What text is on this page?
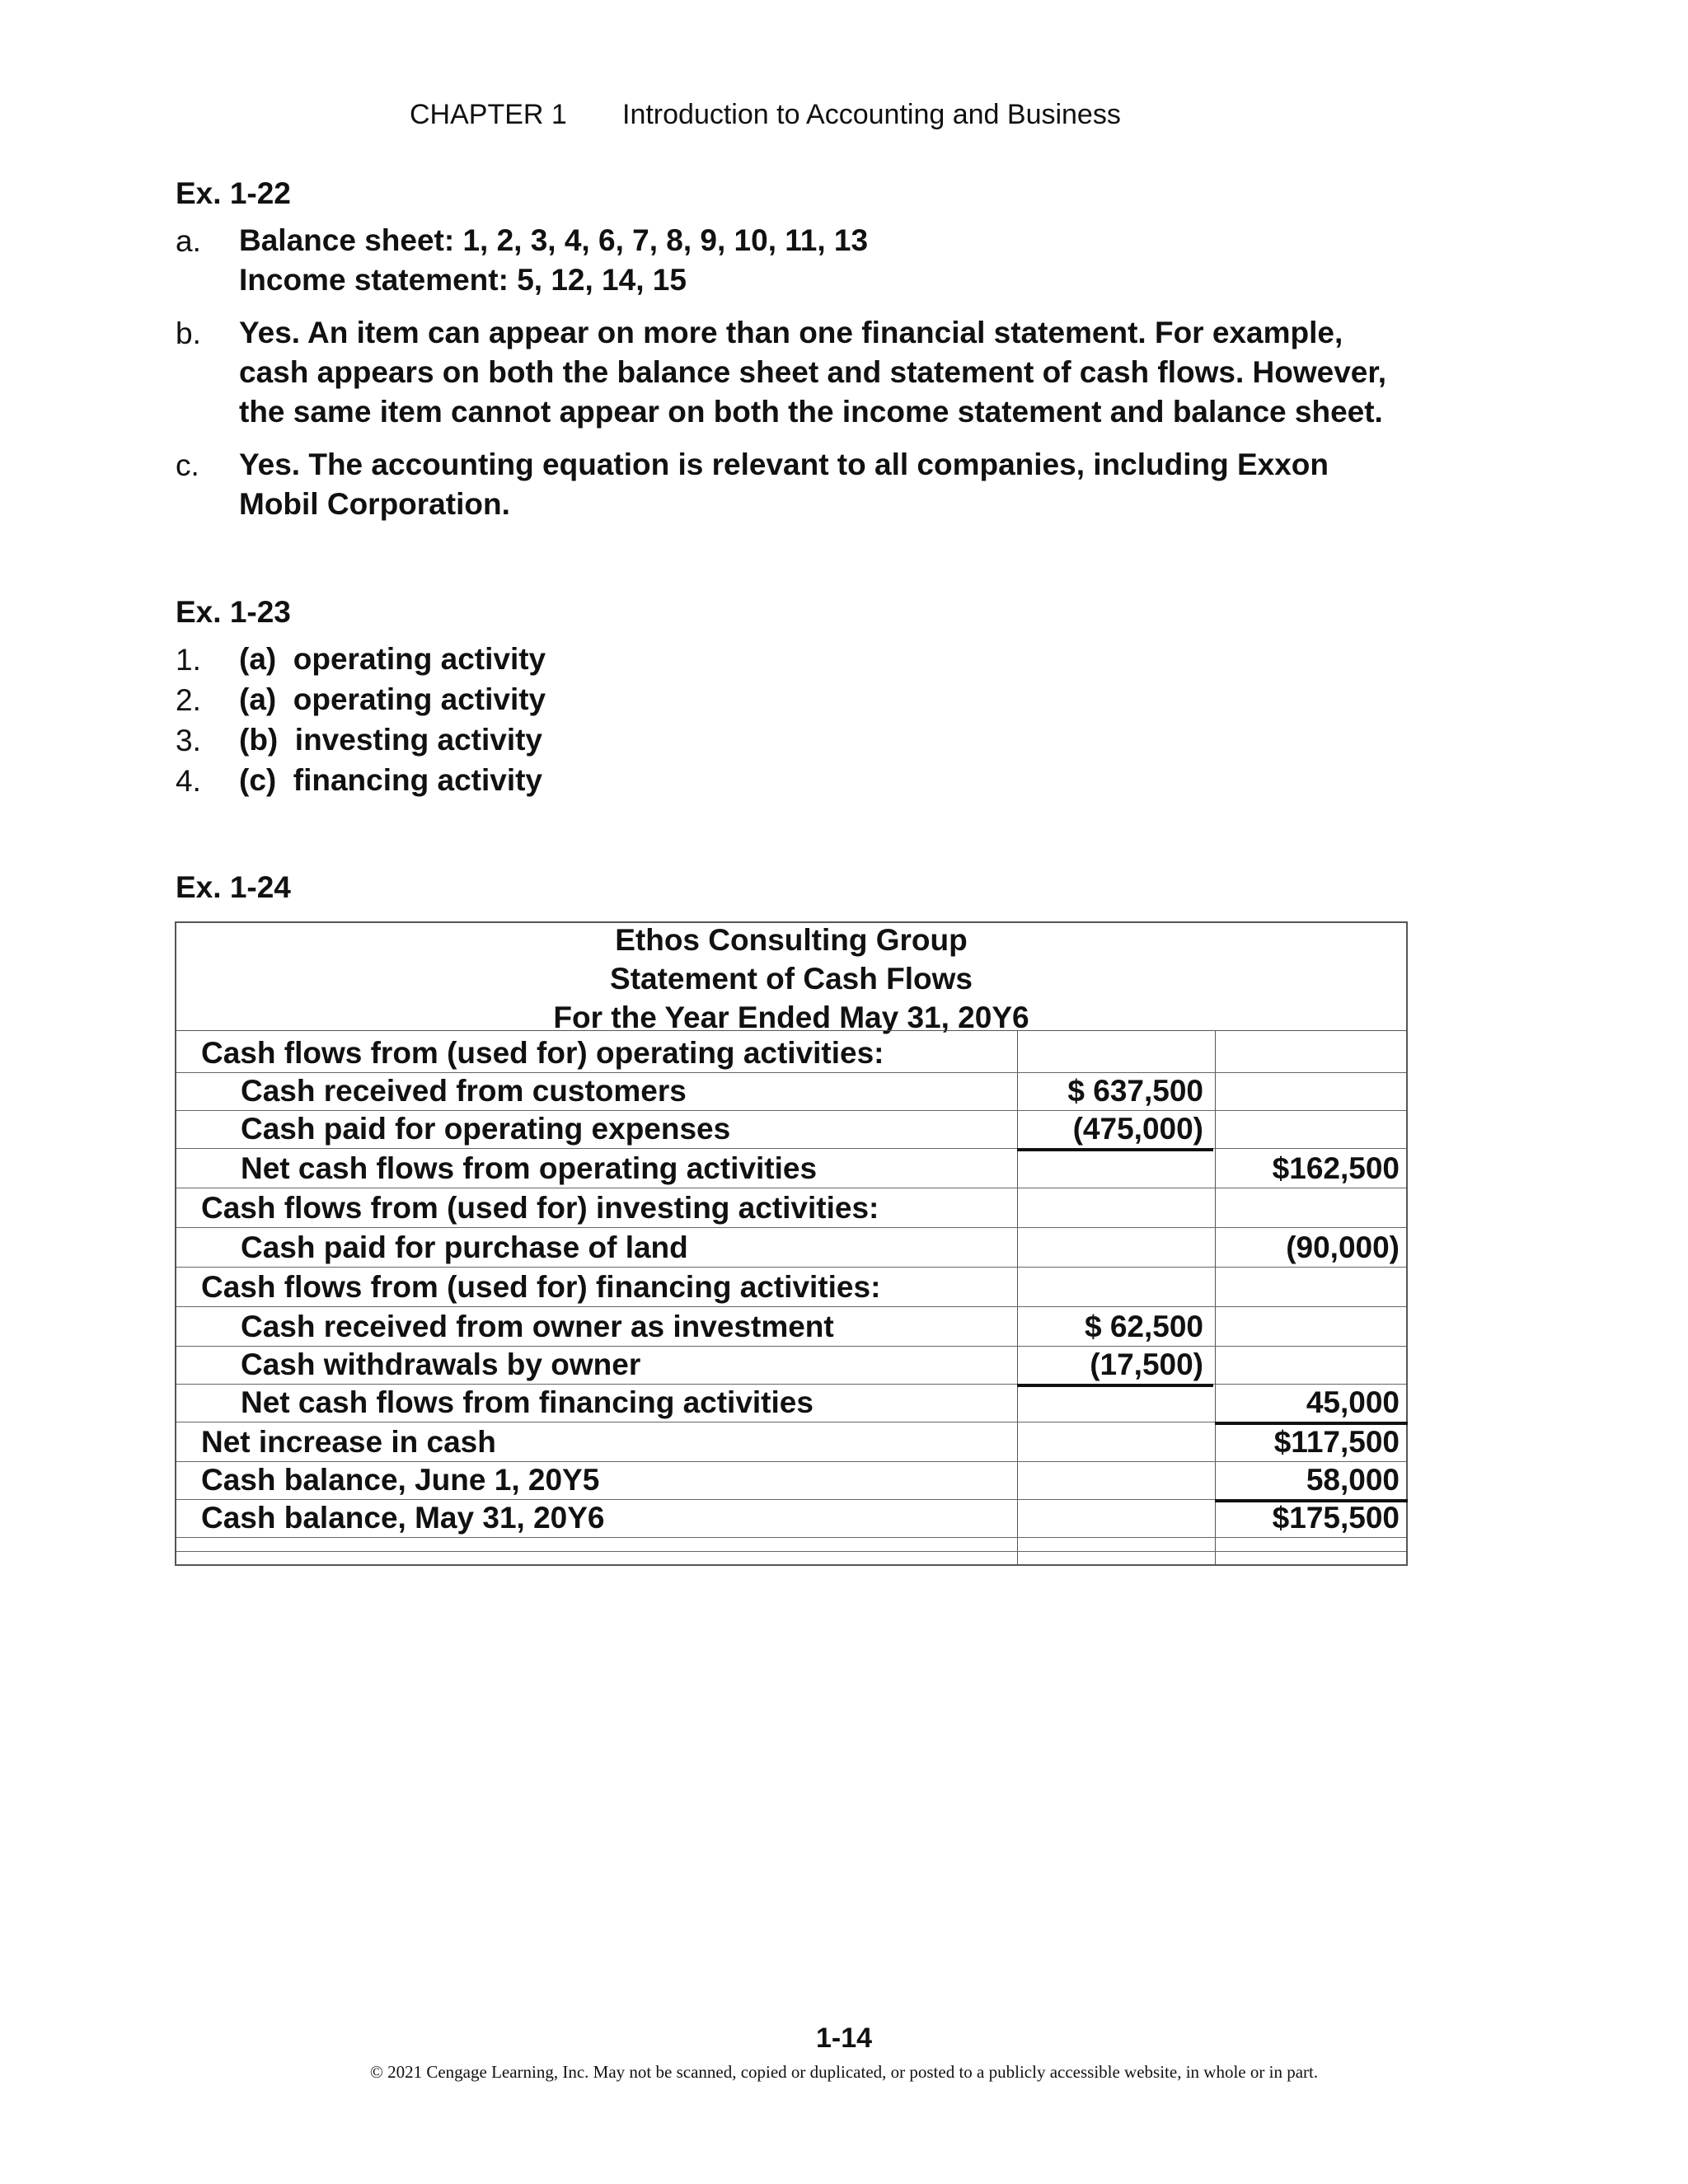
CHAPTER 1 Introduction to Accounting and Business
Ex. 1-22
a. Balance sheet: 1, 2, 3, 4, 6, 7, 8, 9, 10, 11, 13
Income statement: 5, 12, 14, 15
b. Yes. An item can appear on more than one financial statement. For example,
cash appears on both the balance sheet and statement of cash flows. However,
the same item cannot appear on both the income statement and balance sheet.
c. Yes. The accounting equation is relevant to all companies, including Exxon
Mobil Corporation.
Ex. 1-23
1. (a)  operating activity
2. (a)  operating activity
3. (b)  investing activity
4. (c)  financing activity
Ex. 1-24
Ethos Consulting Group
Statement of Cash Flows
For the Year Ended May 31, 20Y6
Cash flows from (used for) operating activities:
Cash received from customers	$ 637,500
Cash paid for operating expenses	(475,000)
Net cash flows from operating activities	$162,500
Cash flows from (used for) investing activities:
Cash paid for purchase of land	(90,000)
Cash flows from (used for) financing activities:
Cash received from owner as investment	$ 62,500
Cash withdrawals by owner	(17,500)
Net cash flows from financing activities	45,000
Net increase in cash	$117,500
Cash balance, June 1, 20Y5	58,000
Cash balance, May 31, 20Y6	$175,500
1-14
© 2021 Cengage Learning, Inc. May not be scanned, copied or duplicated, or posted to a publicly accessible website, in whole or in part.
